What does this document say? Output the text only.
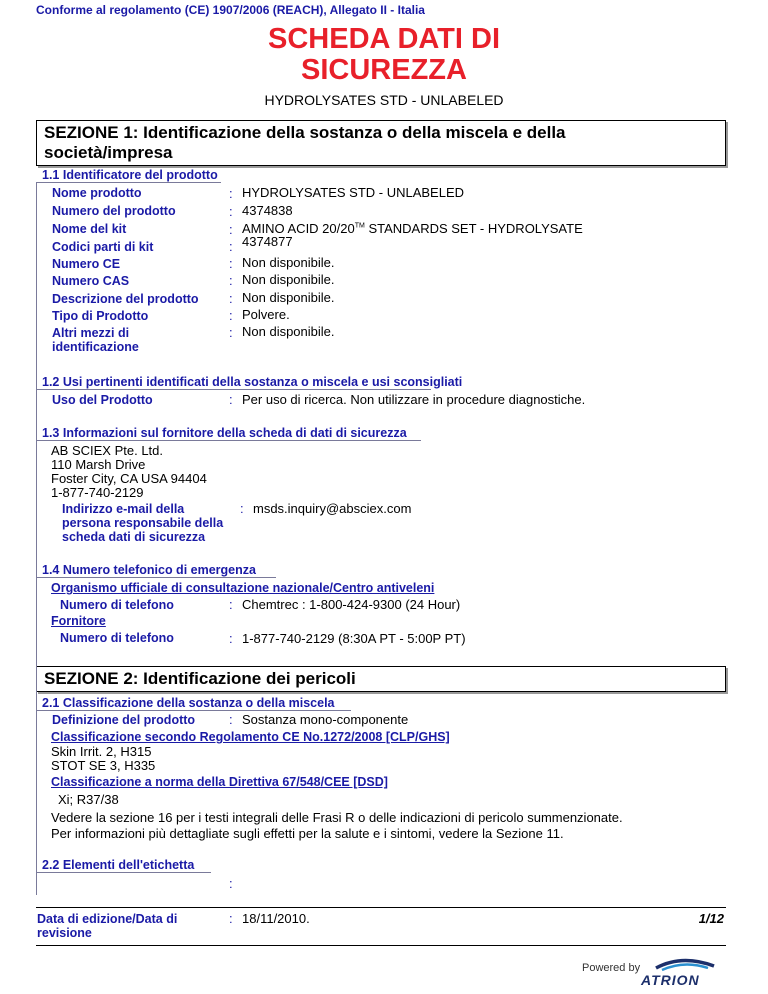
Conforme al regolamento (CE) 1907/2006 (REACH), Allegato II - Italia
SCHEDA DATI DI
SICUREZZA
HYDROLYSATES STD - UNLABELED
SEZIONE 1: Identificazione della sostanza o della miscela e della
società/impresa
1.1 Identificatore del prodotto
Nome prodotto	: HYDROLYSATES STD - UNLABELED
Numero del prodotto	: 4374838
Nome del kit	: AMINO ACID 20/20™ STANDARDS SET - HYDROLYSATE
Codici parti di kit	: 4374877
Numero CE	: Non disponibile.
Numero CAS	: Non disponibile.
Descrizione del prodotto : Non disponibile.
Tipo di Prodotto	: Polvere.
Altri mezzi di
identificazione
: Non disponibile.
1.2 Usi pertinenti identificati della sostanza o miscela e usi sconsigliati
Uso del Prodotto	: Per uso di ricerca. Non utilizzare in procedure diagnostiche.
1.3 Informazioni sul fornitore della scheda di dati di sicurezza
AB SCIEX Pte. Ltd.
110 Marsh Drive
Foster City, CA USA 94404
1-877-740-2129
Indirizzo e-mail della
persona responsabile della
scheda dati di sicurezza
: msds.inquiry@absciex.com
1.4 Numero telefonico di emergenza
Organismo ufficiale di consultazione nazionale/Centro antiveleni
Numero di telefono	: Chemtrec : 1-800-424-9300 (24 Hour)
Fornitore
Numero di telefono	: 1-877-740-2129 (8:30A PT - 5:00P PT)
SEZIONE 2: Identificazione dei pericoli
2.1 Classificazione della sostanza o della miscela
Definizione del prodotto	: Sostanza mono-componente
Classificazione secondo Regolamento CE No.1272/2008 [CLP/GHS]
Skin Irrit. 2, H315
STOT SE 3, H335
Classificazione a norma della Direttiva 67/548/CEE [DSD]
Xi; R37/38
Vedere la sezione 16 per i testi integrali delle Frasi R o delle indicazioni di pericolo summenzionate.
Per informazioni più dettagliate sugli effetti per la salute e i sintomi, vedere la Sezione 11.
2.2 Elementi dell'etichetta
:
Data di edizione/Data di
revisione
: 18/11/2010.	1/12
Powered by
ATRION
